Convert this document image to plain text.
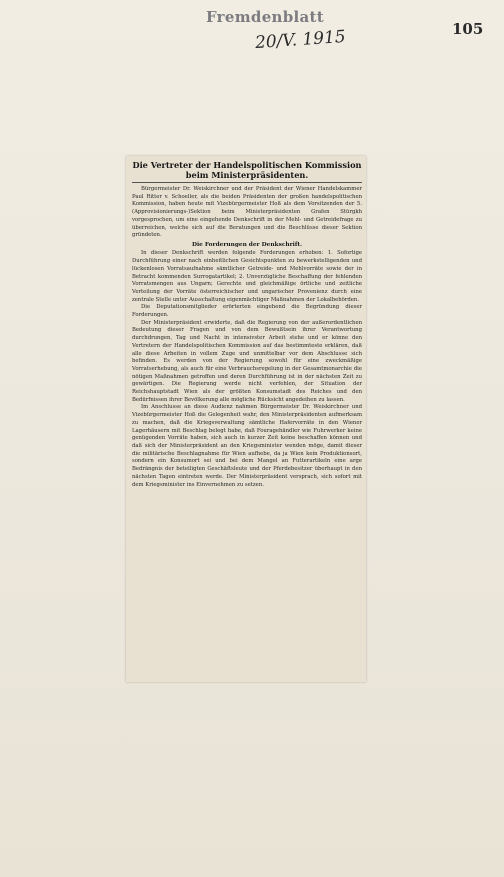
Fremdenblatt
105
20/V. 1915
Die Vertreter der Handelspolitischen Kommission
beim Ministerpräsidenten.

Bürgermeister Dr. Weiskirchner und der Präsident der Wiener Handelskammer Paul Ritter v. Schoeller, als die beiden Präsidenten der großen handelspolitischen Kommission, haben heute mit Vizebürgermeister Hoß als dem Vorsitzenden der 5. (Approvisionierungs-)Sektion beim Ministerpräsidenten Grafen Stürgkh vorgesprochen, um eine eingehende Denkschrift in der Mehl- und Getreidefrage zu überreichen, welche sich auf die Beratungen und die Beschlüsse dieser Sektion gründeten.

Die Forderungen der Denkschrift.

In dieser Denkschrift werden folgende Forderungen erhoben: 1. Sofortige Durchführung einer nach einheitlichen Gesichtspunkten zu bewerkstelligenden und lückenlosen Vorratsaufnahme sämtlicher Getreide- und Mehlvorräte sowie der in Betracht kommenden Surrogatartikel; 2. Unverzügliche Beschaffung der fehlenden Vorratsmengen aus Ungarn; Gerechte und gleichmäßige örtliche und zeitliche Verteilung der Vorräte österreichischer und ungarischer Provenienz durch eine zentrale Stelle unter Ausschaltung eigenmächtiger Maßnahmen der Lokalbehörden.

Die Deputationsmitglieder erörterten eingehend die Begründung dieser Forderungen.

Der Ministerpräsident erwiderte, daß die Regierung von der außerordentlichen Bedeutung dieser Fragen und von dem Bewußtsein ihrer Verantwortung durchdrungen, Tag und Nacht in intensivster Arbeit stehe und er könne den Vertretern der Handelspolitischen Kommission auf das bestimmteste erklären, daß alle diese Arbeiten in vollem Zuge und unmittelbar vor dem Abschlusse sich befinden. Es werden von der Regierung sowohl für eine zweckmäßige Vorratserhebung, als auch für eine Verbrauchsregelung in der Gesamtmonarchie die nötigen Maßnahmen getroffen und deren Durchführung ist in der nächsten Zeit zu gewärtigen. Die Regierung werde nicht verfehlen, der Situation der Reichshauptstadt Wien als der größten Konsumstadt des Reiches und den Bedürfnissen ihrer Bevölkerung alle mögliche Rücksicht angedeihen zu lassen.

Im Anschlusse an diese Audienz nahmen Bürgermeister Dr. Weiskirchner und Vizebürgermeister Hoß die Gelegenheit wahr, den Ministerpräsidenten aufmerksam zu machen, daß die Kriegsverwaltung sämtliche Hafervorräte in den Wiener Lagerhäusern mit Beschlag belegt habe, daß Fouragehändler wie Fuhrwerker keine genügenden Vorräte haben, sich auch in kurzer Zeit keine beschaffen können und daß sich der Ministerpräsident an den Kriegsminister wenden möge, damit dieser die militärische Beschlagnahme für Wien aufhebe, da ja Wien kein Produktionsort, sondern ein Konsumort sei und bei dem Mangel an Futterartikeln eine arge Bedrängnis der beteiligten Geschäftsleute und der Pferdebesitzer überhaupt in den nächsten Tagen eintreten werde. Der Ministerpräsident versprach, sich sofort mit dem Kriegsminister ins Einvernehmen zu setzen.
